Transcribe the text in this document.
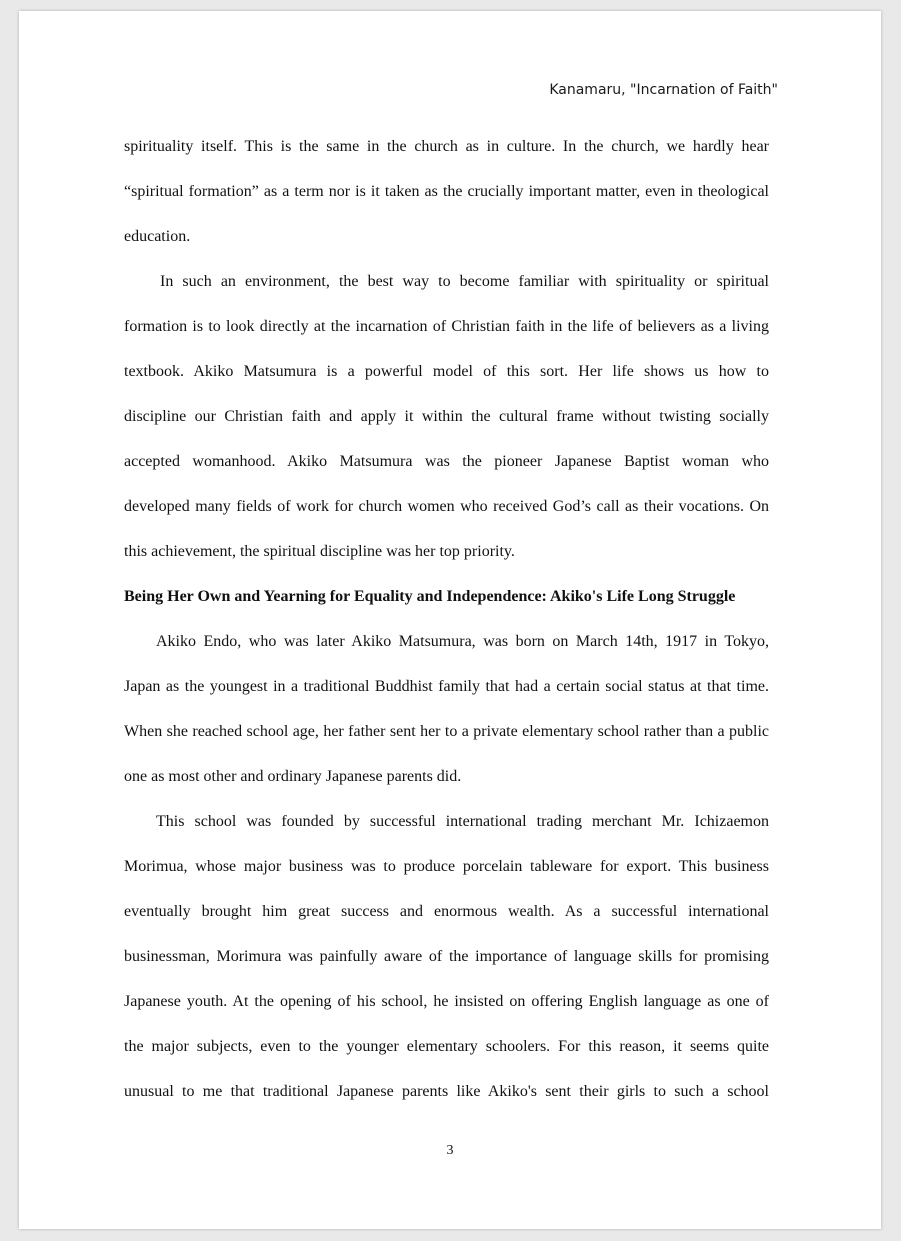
Kanamaru, "Incarnation of Faith"
spirituality itself. This is the same in the church as in culture. In the church, we hardly hear
“spiritual formation” as a term nor is it taken as the crucially important matter, even in theological
education.
In such an environment, the best way to become familiar with spirituality or spiritual
formation is to look directly at the incarnation of Christian faith in the life of believers as a living
textbook. Akiko Matsumura is a powerful model of this sort. Her life shows us how to
discipline our Christian faith and apply it within the cultural frame without twisting socially
accepted womanhood. Akiko Matsumura was the pioneer Japanese Baptist woman who
developed many fields of work for church women who received God’s call as their vocations. On
this achievement, the spiritual discipline was her top priority.
Being Her Own and Yearning for Equality and Independence: Akiko's Life Long Struggle
Akiko Endo, who was later Akiko Matsumura, was born on March 14th, 1917 in Tokyo,
Japan as the youngest in a traditional Buddhist family that had a certain social status at that time.
When she reached school age, her father sent her to a private elementary school rather than a public
one as most other and ordinary Japanese parents did.
This school was founded by successful international trading merchant Mr. Ichizaemon
Morimua, whose major business was to produce porcelain tableware for export. This business
eventually brought him great success and enormous wealth. As a successful international
businessman, Morimura was painfully aware of the importance of language skills for promising
Japanese youth. At the opening of his school, he insisted on offering English language as one of
the major subjects, even to the younger elementary schoolers. For this reason, it seems quite
unusual to me that traditional Japanese parents like Akiko's sent their girls to such a school
3
